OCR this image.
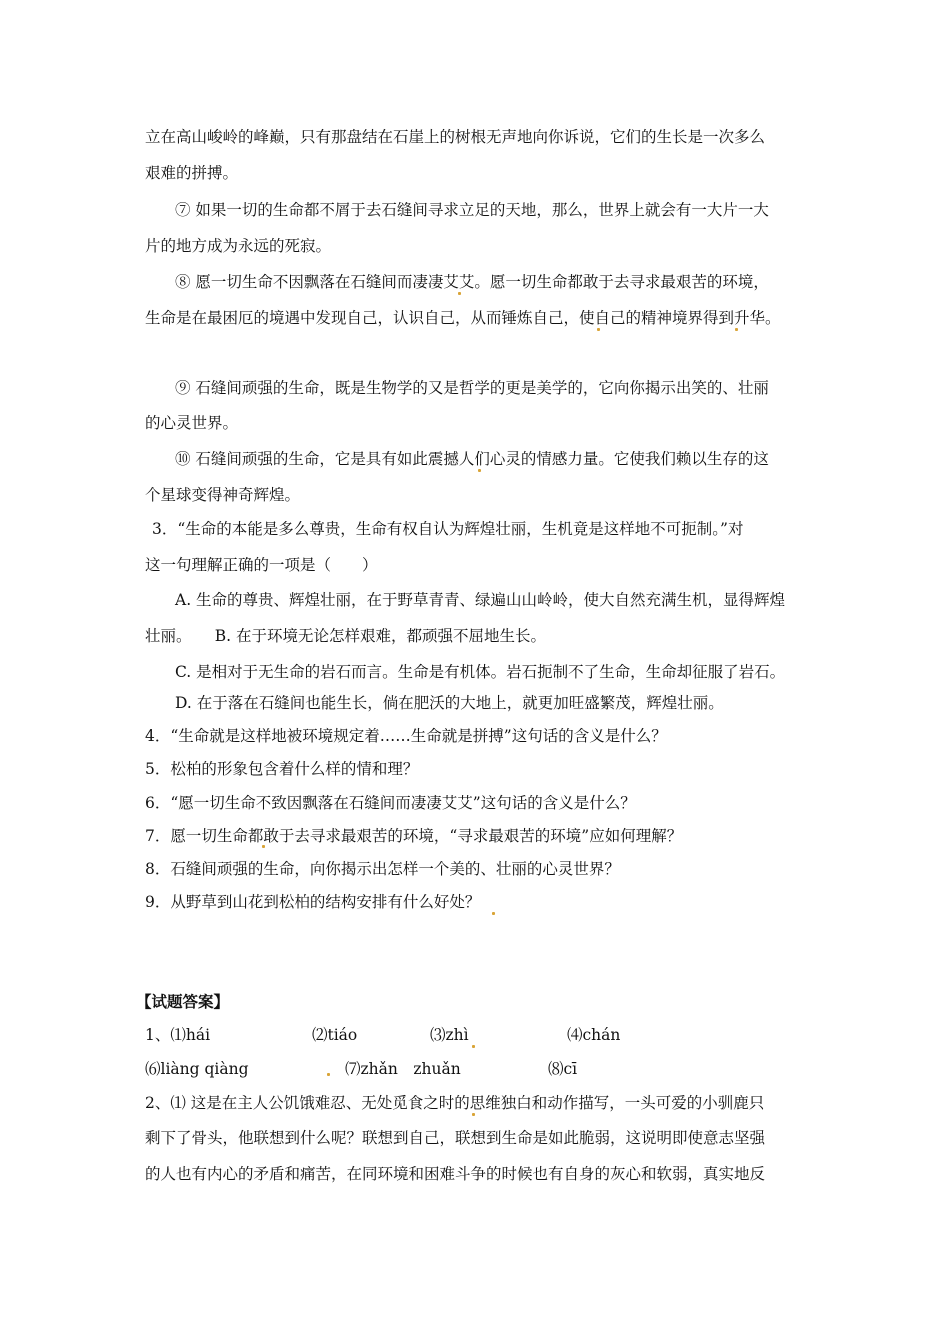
立在高山峻岭的峰巅，只有那盘结在石崖上的树根无声地向你诉说，它们的生长是一次多么
艰难的拼搏。
⑦ 如果一切的生命都不屑于去石缝间寻求立足的天地，那么，世界上就会有一大片一大
片的地方成为永远的死寂。
⑧ 愿一切生命不因飘落在石缝间而凄凄艾艾。愿一切生命都敢于去寻求最艰苦的环境，
生命是在最困厄的境遇中发现自己，认识自己，从而锤炼自己，使自己的精神境界得到升华。
⑨ 石缝间顽强的生命，既是生物学的又是哲学的更是美学的，它向你揭示出笑的、壮丽
的心灵世界。
⑩ 石缝间顽强的生命，它是具有如此震撼人们心灵的情感力量。它使我们赖以生存的这
个星球变得神奇辉煌。
3．“生命的本能是多么尊贵，生命有权自认为辉煌壮丽，生机竟是这样地不可扼制。”对
这一句理解正确的一项是（　　）
A. 生命的尊贵、辉煌壮丽，在于野草青青、绿遍山山岭岭，使大自然充满生机，显得辉煌
壮丽。　　B. 在于环境无论怎样艰难，都顽强不屈地生长。
C. 是相对于无生命的岩石而言。生命是有机体。岩石扼制不了生命，生命却征服了岩石。
D. 在于落在石缝间也能生长，倘在肥沃的大地上，就更加旺盛繁茂，辉煌壮丽。
4．“生命就是这样地被环境规定着……生命就是拼搏”这句话的含义是什么？
5．松柏的形象包含着什么样的情和理？
6．“愿一切生命不致因飘落在石缝间而凄凄艾艾”这句话的含义是什么？
7．愿一切生命都敢于去寻求最艰苦的环境，“寻求最艰苦的环境”应如何理解？
8．石缝间顽强的生命，向你揭示出怎样一个美的、壮丽的心灵世界？
9．从野草到山花到松柏的结构安排有什么好处？
【试题答案】
1、⑴hái	⑵tiáo	⑶zhì	⑷chán
⑹liàng qiàng	⑺zhǎn　zhuǎn	⑻cī
2、⑴ 这是在主人公饥饿难忍、无处觅食之时的思维独白和动作描写，一头可爱的小驯鹿只
剩下了骨头，他联想到什么呢？联想到自己，联想到生命是如此脆弱，这说明即使意志坚强
的人也有内心的矛盾和痛苦，在同环境和困难斗争的时候也有自身的灰心和软弱，真实地反
